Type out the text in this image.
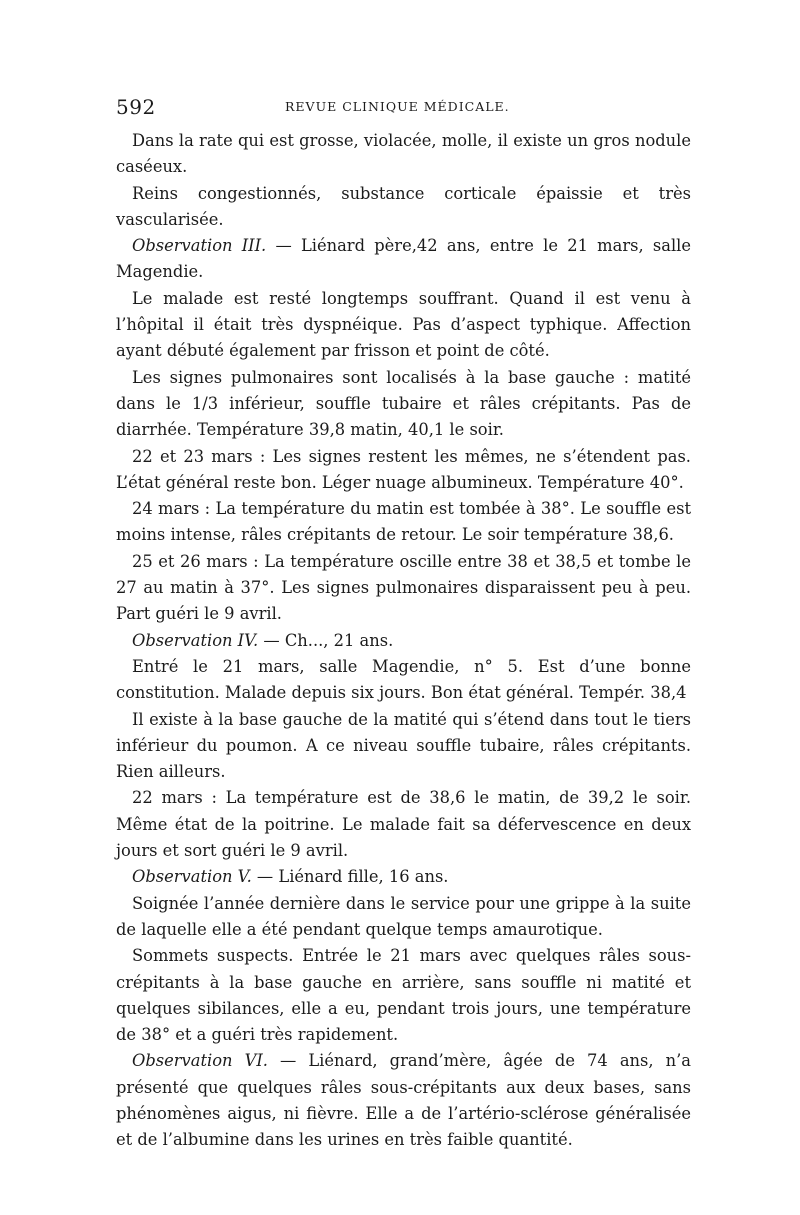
592	REVUE CLINIQUE MÉDICALE.

Dans la rate qui est grosse, violacée, molle, il existe un gros nodule caséeux.

Reins congestionnés, substance corticale épaissie et très vascularisée.

Observation III. — Liénard père,42 ans, entre le 21 mars, salle Magendie.

Le malade est resté longtemps souffrant. Quand il est venu à l’hôpital il était très dyspnéique. Pas d’aspect typhique. Affection ayant débuté également par frisson et point de côté.

Les signes pulmonaires sont localisés à la base gauche : matité dans le 1/3 inférieur, souffle tubaire et râles crépitants. Pas de diarrhée. Température 39,8 matin, 40,1 le soir.

22 et 23 mars : Les signes restent les mêmes, ne s’étendent pas. L’état général reste bon. Léger nuage albumineux. Température 40°.

24 mars : La température du matin est tombée à 38°. Le souffle est moins intense, râles crépitants de retour. Le soir température 38,6.

25 et 26 mars : La température oscille entre 38 et 38,5 et tombe le 27 au matin à 37°. Les signes pulmonaires disparaissent peu à peu. Part guéri le 9 avril.

Observation IV. — Ch..., 21 ans.

Entré le 21 mars, salle Magendie, n° 5. Est d’une bonne constitution. Malade depuis six jours. Bon état général. Tempér. 38,4

Il existe à la base gauche de la matité qui s’étend dans tout le tiers inférieur du poumon. A ce niveau souffle tubaire, râles crépitants. Rien ailleurs.

22 mars : La température est de 38,6 le matin, de 39,2 le soir. Même état de la poitrine. Le malade fait sa défervescence en deux jours et sort guéri le 9 avril.

Observation V. — Liénard fille, 16 ans.

Soignée l’année dernière dans le service pour une grippe à la suite de laquelle elle a été pendant quelque temps amaurotique.

Sommets suspects. Entrée le 21 mars avec quelques râles sous-crépitants à la base gauche en arrière, sans souffle ni matité et quelques sibilances, elle a eu, pendant trois jours, une température de 38° et a guéri très rapidement.

Observation VI. — Liénard, grand’mère, âgée de 74 ans, n’a présenté que quelques râles sous-crépitants aux deux bases, sans phénomènes aigus, ni fièvre. Elle a de l’artério-sclérose généralisée et de l’albumine dans les urines en très faible quantité.
